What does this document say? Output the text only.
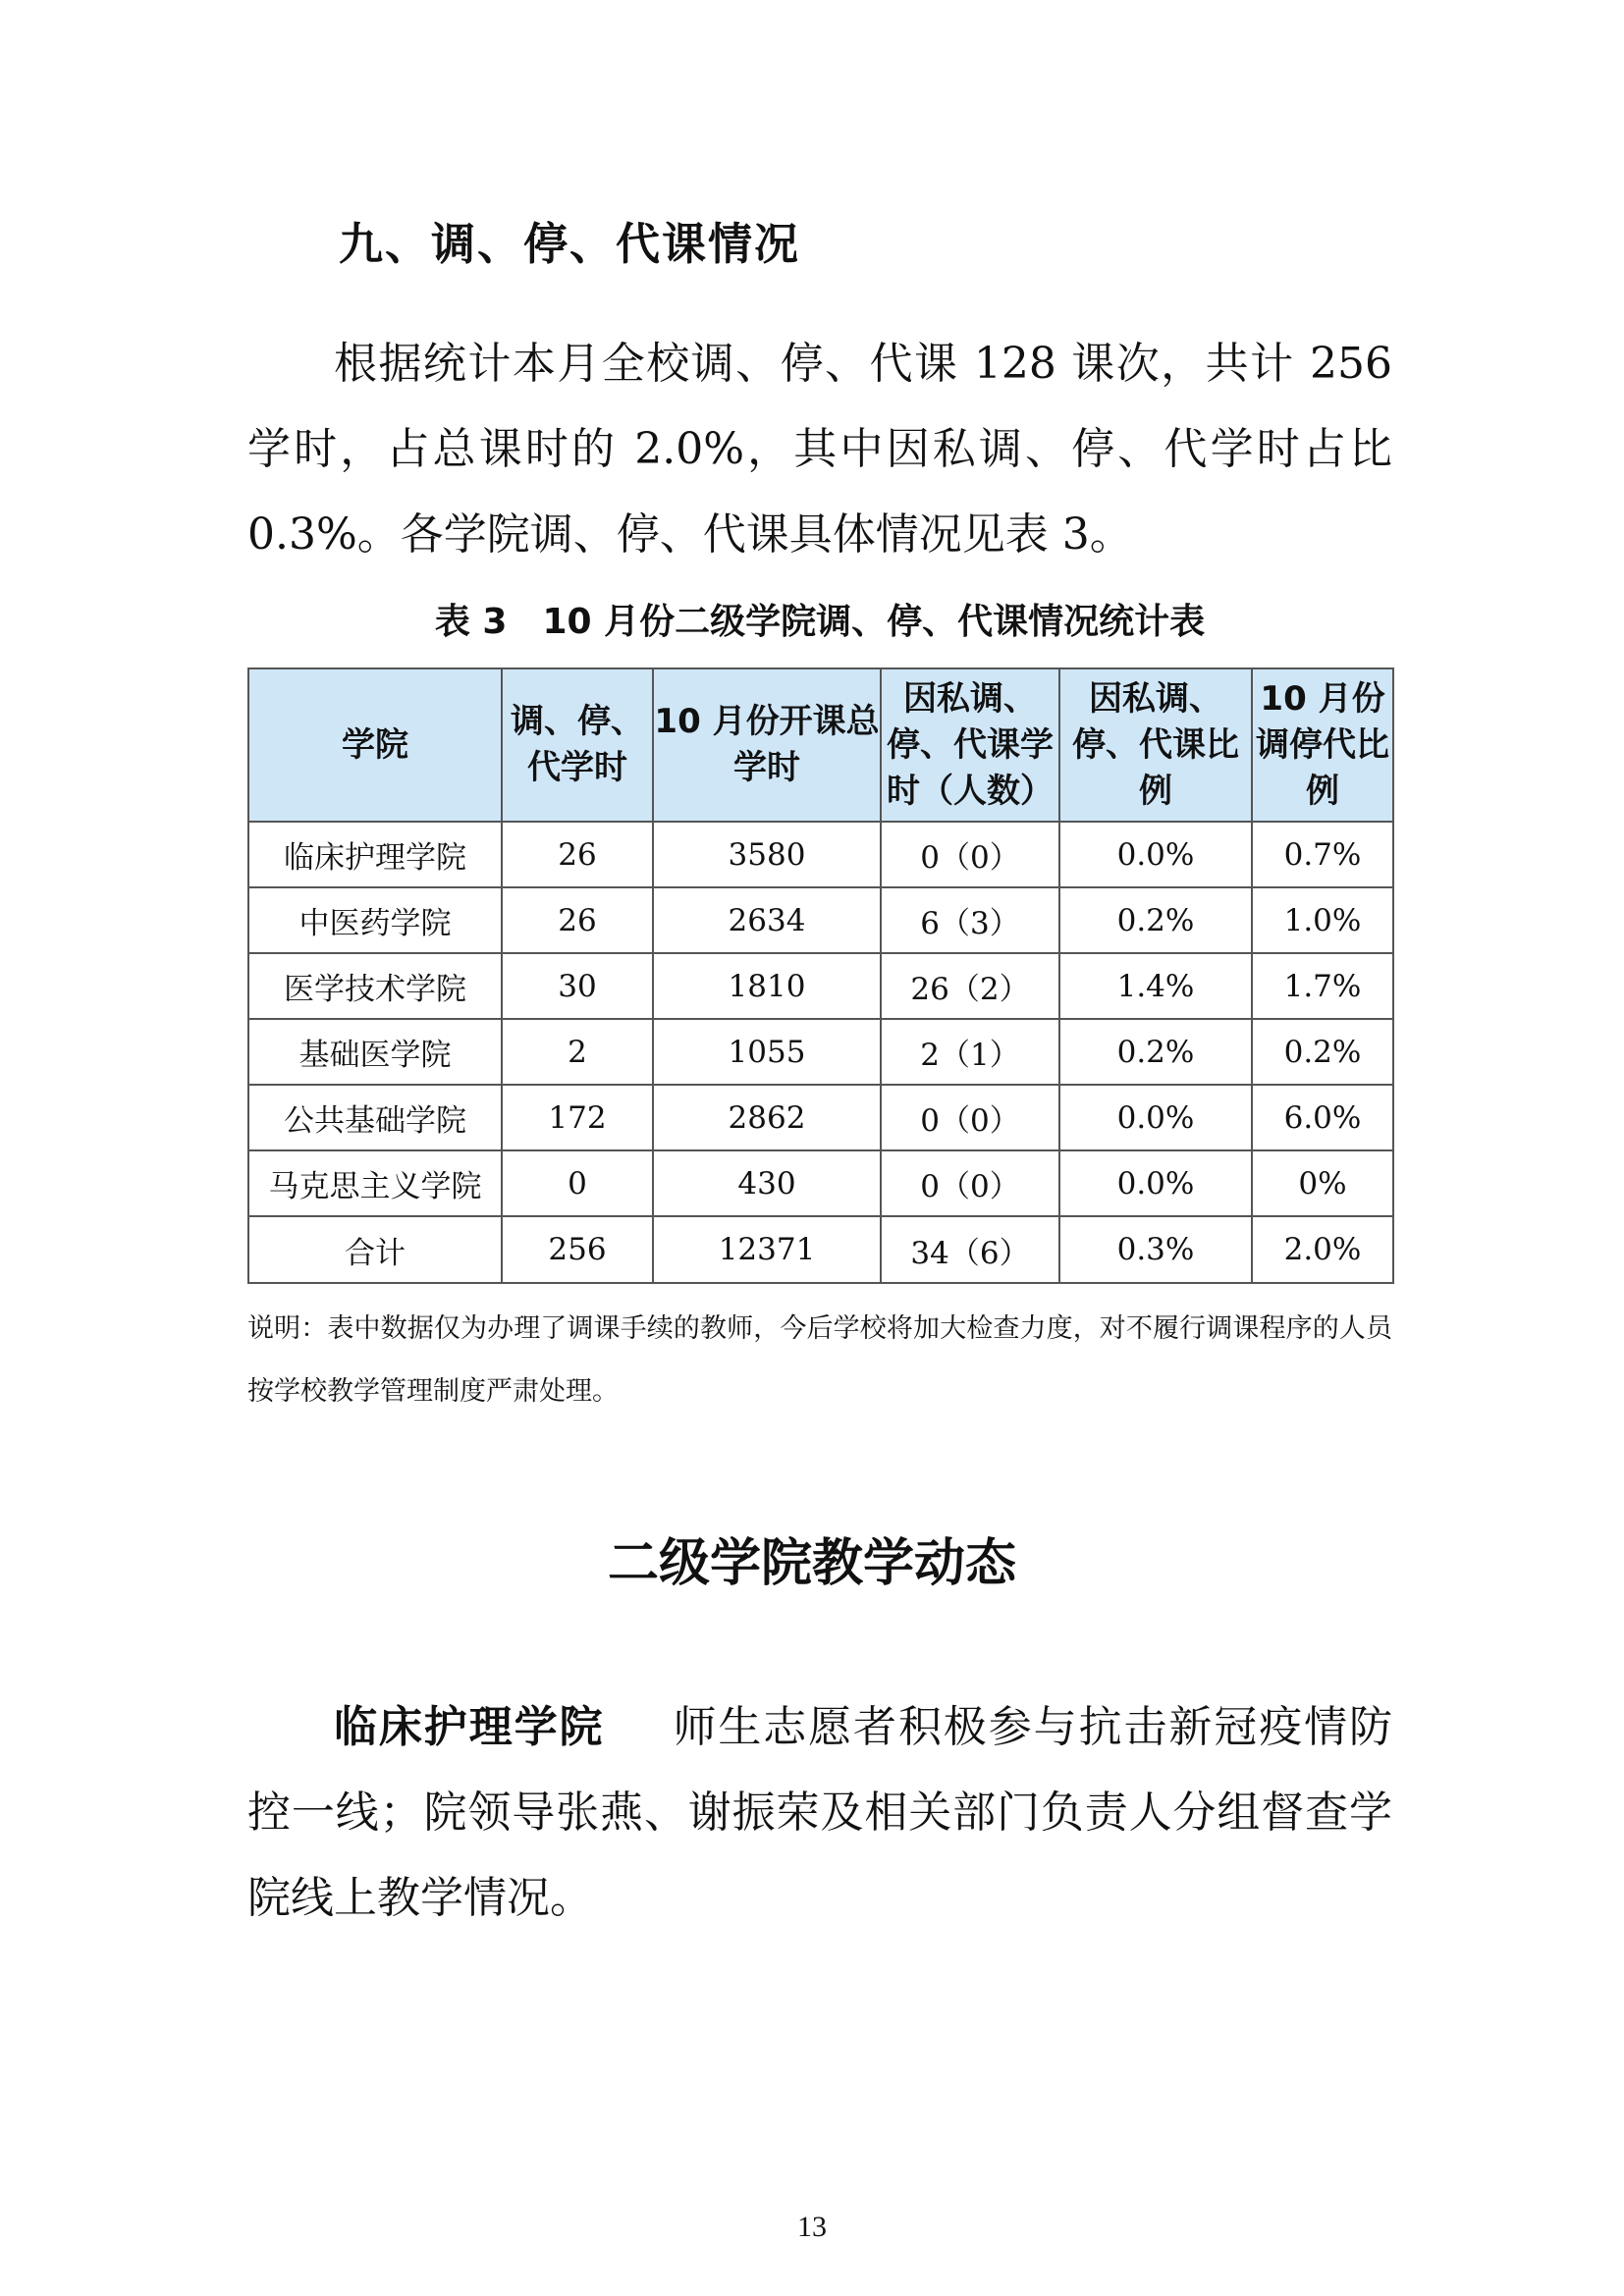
九、调、停、代课情况

根据统计本月全校调、停、代课 128 课次，共计 256 学时，占总课时的 2.0%，其中因私调、停、代学时占比 0.3%。各学院调、停、代课具体情况见表 3。

表 3　10 月份二级学院调、停、代课情况统计表
学院	调、停、代学时	10 月份开课总学时	因私调、停、代课学时（人数）	因私调、停、代课比例	10 月份调停代比例
临床护理学院	26	3580	0（0）	0.0%	0.7%
中医药学院	26	2634	6（3）	0.2%	1.0%
医学技术学院	30	1810	26（2）	1.4%	1.7%
基础医学院	2	1055	2（1）	0.2%	0.2%
公共基础学院	172	2862	0（0）	0.0%	6.0%
马克思主义学院	0	430	0（0）	0.0%	0%
合计	256	12371	34（6）	0.3%	2.0%

说明：表中数据仅为办理了调课手续的教师，今后学校将加大检查力度，对不履行调课程序的人员按学校教学管理制度严肃处理。

二级学院教学动态

临床护理学院 师生志愿者积极参与抗击新冠疫情防控一线；院领导张燕、谢振荣及相关部门负责人分组督查学院线上教学情况。

13
